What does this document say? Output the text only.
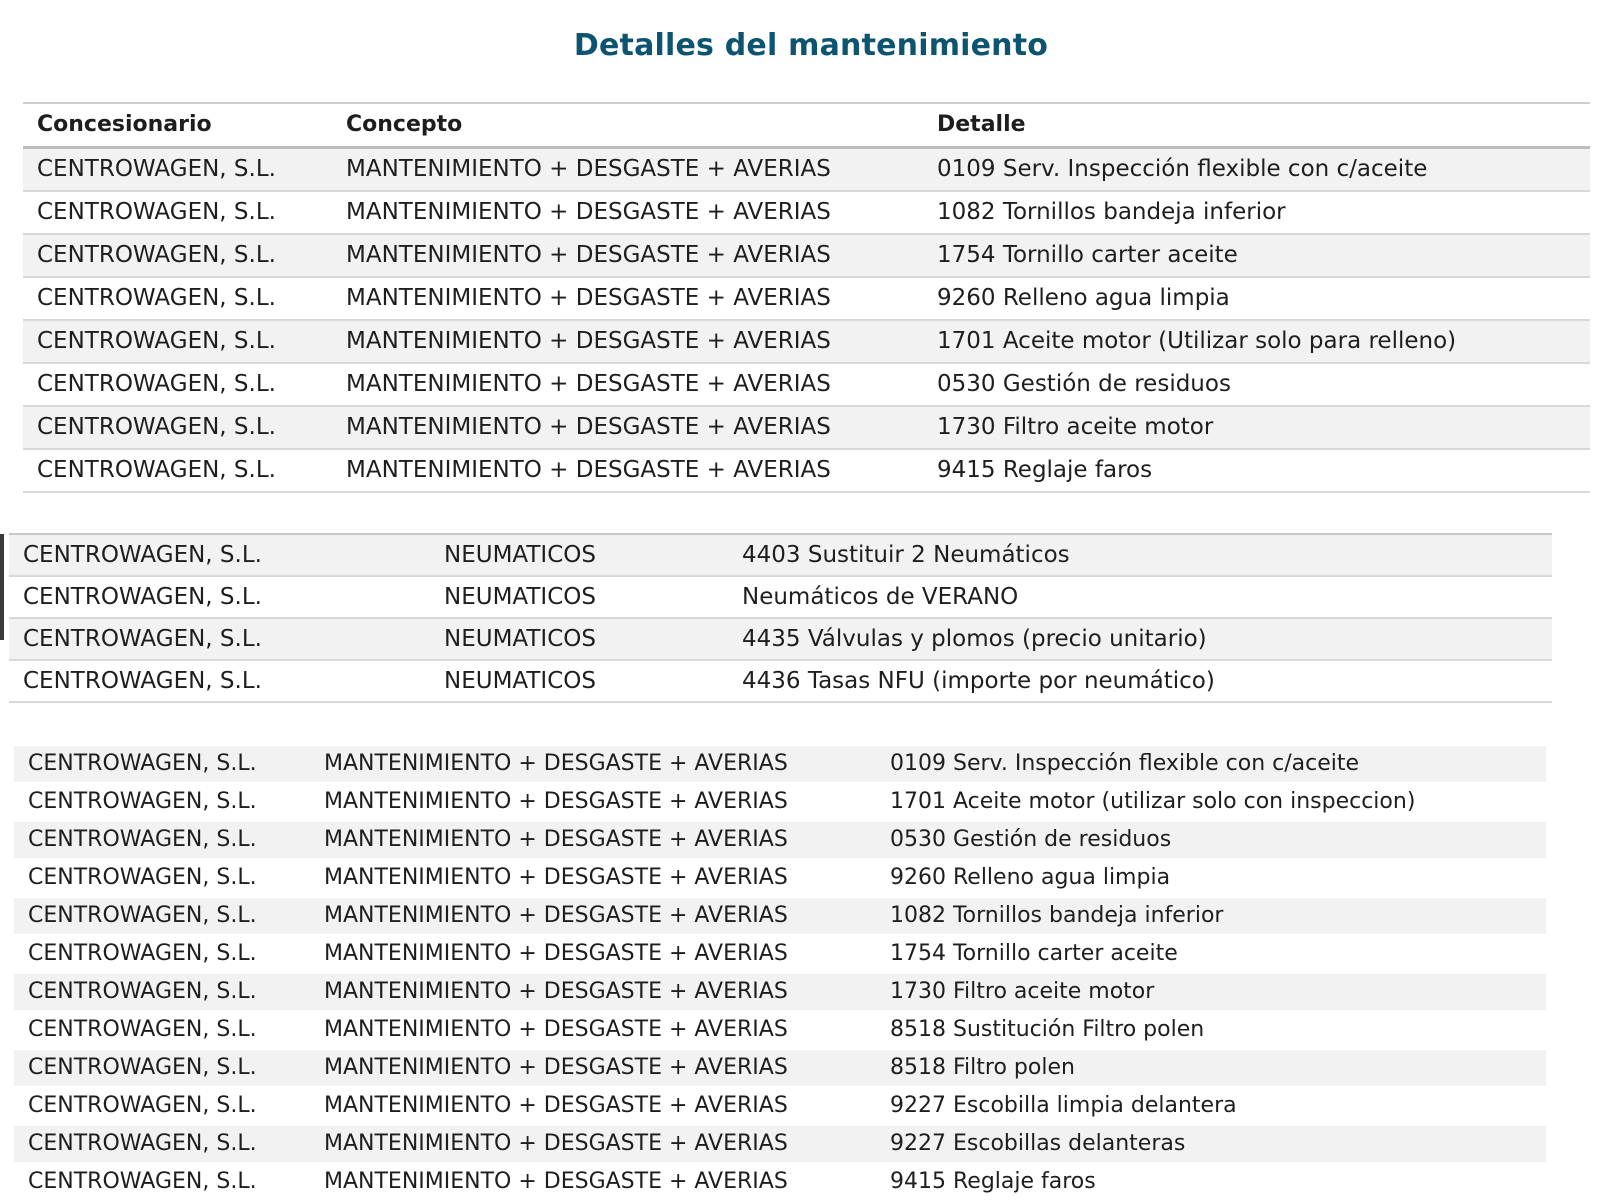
Detalles del mantenimiento
Concesionario	Concepto	Detalle
CENTROWAGEN, S.L.	MANTENIMIENTO + DESGASTE + AVERIAS	0109 Serv. Inspección flexible con c/aceite
CENTROWAGEN, S.L.	MANTENIMIENTO + DESGASTE + AVERIAS	1082 Tornillos bandeja inferior
CENTROWAGEN, S.L.	MANTENIMIENTO + DESGASTE + AVERIAS	1754 Tornillo carter aceite
CENTROWAGEN, S.L.	MANTENIMIENTO + DESGASTE + AVERIAS	9260 Relleno agua limpia
CENTROWAGEN, S.L.	MANTENIMIENTO + DESGASTE + AVERIAS	1701 Aceite motor (Utilizar solo para relleno)
CENTROWAGEN, S.L.	MANTENIMIENTO + DESGASTE + AVERIAS	0530 Gestión de residuos
CENTROWAGEN, S.L.	MANTENIMIENTO + DESGASTE + AVERIAS	1730 Filtro aceite motor
CENTROWAGEN, S.L.	MANTENIMIENTO + DESGASTE + AVERIAS	9415 Reglaje faros
CENTROWAGEN, S.L.	NEUMATICOS	4403 Sustituir 2 Neumáticos
CENTROWAGEN, S.L.	NEUMATICOS	Neumáticos de VERANO
CENTROWAGEN, S.L.	NEUMATICOS	4435 Válvulas y plomos (precio unitario)
CENTROWAGEN, S.L.	NEUMATICOS	4436 Tasas NFU (importe por neumático)
CENTROWAGEN, S.L.	MANTENIMIENTO + DESGASTE + AVERIAS	0109 Serv. Inspección flexible con c/aceite
CENTROWAGEN, S.L.	MANTENIMIENTO + DESGASTE + AVERIAS	1701 Aceite motor (utilizar solo con inspeccion)
CENTROWAGEN, S.L.	MANTENIMIENTO + DESGASTE + AVERIAS	0530 Gestión de residuos
CENTROWAGEN, S.L.	MANTENIMIENTO + DESGASTE + AVERIAS	9260 Relleno agua limpia
CENTROWAGEN, S.L.	MANTENIMIENTO + DESGASTE + AVERIAS	1082 Tornillos bandeja inferior
CENTROWAGEN, S.L.	MANTENIMIENTO + DESGASTE + AVERIAS	1754 Tornillo carter aceite
CENTROWAGEN, S.L.	MANTENIMIENTO + DESGASTE + AVERIAS	1730 Filtro aceite motor
CENTROWAGEN, S.L.	MANTENIMIENTO + DESGASTE + AVERIAS	8518 Sustitución Filtro polen
CENTROWAGEN, S.L.	MANTENIMIENTO + DESGASTE + AVERIAS	8518 Filtro polen
CENTROWAGEN, S.L.	MANTENIMIENTO + DESGASTE + AVERIAS	9227 Escobilla limpia delantera
CENTROWAGEN, S.L.	MANTENIMIENTO + DESGASTE + AVERIAS	9227 Escobillas delanteras
CENTROWAGEN, S.L.	MANTENIMIENTO + DESGASTE + AVERIAS	9415 Reglaje faros
